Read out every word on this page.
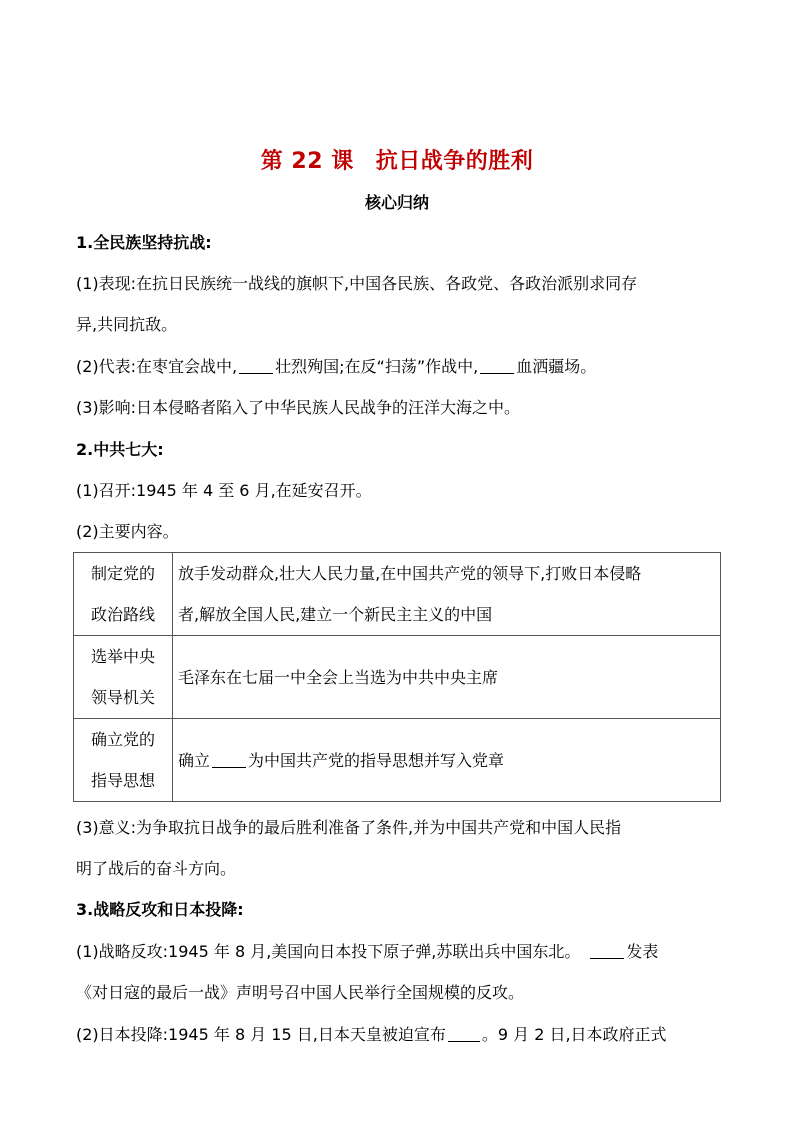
第 22 课 抗日战争的胜利
核心归纳
1.全民族坚持抗战:
(1)表现:在抗日民族统一战线的旗帜下,中国各民族、各政党、各政治派别求同存
异,共同抗敌。
(2)代表:在枣宜会战中, 壮烈殉国;在反“扫荡”作战中, 血洒疆场。
(3)影响:日本侵略者陷入了中华民族人民战争的汪洋大海之中。
2.中共七大:
(1)召开:1945 年 4 至 6 月,在延安召开。
(2)主要内容。
制定党的
政治路线	放手发动群众,壮大人民力量,在中国共产党的领导下,打败日本侵略
者,解放全国人民,建立一个新民主主义的中国

选举中央
领导机关	毛泽东在七届一中全会上当选为中共中央主席

确立党的
指导思想	确立 为中国共产党的指导思想并写入党章
(3)意义:为争取抗日战争的最后胜利准备了条件,并为中国共产党和中国人民指
明了战后的奋斗方向。
3.战略反攻和日本投降:
(1)战略反攻:1945 年 8 月,美国向日本投下原子弹,苏联出兵中国东北。	发表
《对日寇的最后一战》声明号召中国人民举行全国规模的反攻。
(2)日本投降:1945 年 8 月 15 日,日本天皇被迫宣布 。9 月 2 日,日本政府正式
